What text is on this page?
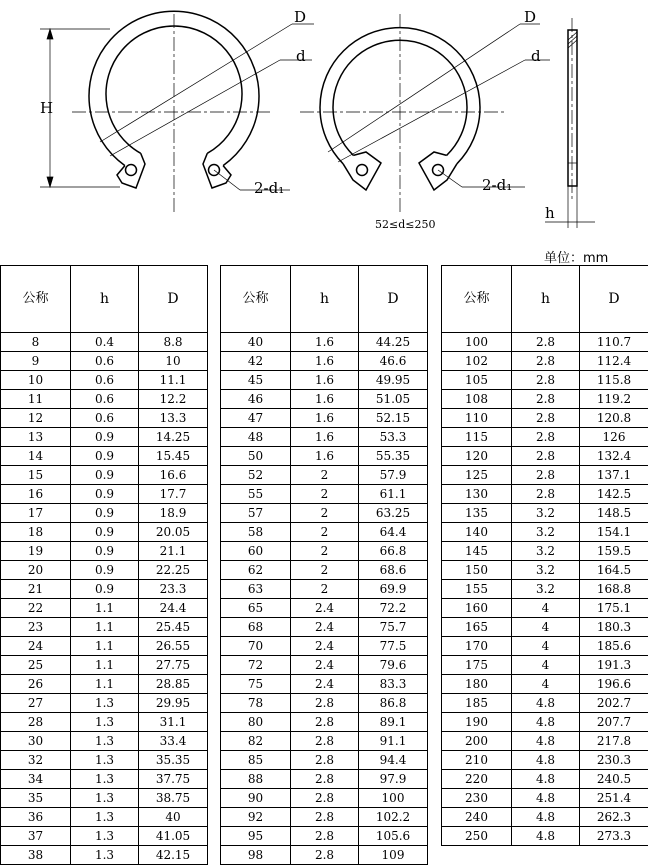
D
d
H
2-d₁
D
d
2-d₁
h
52≤d≤250
单位：mm
公称	h	D
8	0.4	8.8
9	0.6	10
10	0.6	11.1
11	0.6	12.2
12	0.6	13.3
13	0.9	14.25
14	0.9	15.45
15	0.9	16.6
16	0.9	17.7
17	0.9	18.9
18	0.9	20.05
19	0.9	21.1
20	0.9	22.25
21	0.9	23.3
22	1.1	24.4
23	1.1	25.45
24	1.1	26.55
25	1.1	27.75
26	1.1	28.85
27	1.3	29.95
28	1.3	31.1
30	1.3	33.4
32	1.3	35.35
34	1.3	37.75
35	1.3	38.75
36	1.3	40
37	1.3	41.05
38	1.3	42.15
公称	h	D
40	1.6	44.25
42	1.6	46.6
45	1.6	49.95
46	1.6	51.05
47	1.6	52.15
48	1.6	53.3
50	1.6	55.35
52	2	57.9
55	2	61.1
57	2	63.25
58	2	64.4
60	2	66.8
62	2	68.6
63	2	69.9
65	2.4	72.2
68	2.4	75.7
70	2.4	77.5
72	2.4	79.6
75	2.4	83.3
78	2.8	86.8
80	2.8	89.1
82	2.8	91.1
85	2.8	94.4
88	2.8	97.9
90	2.8	100
92	2.8	102.2
95	2.8	105.6
98	2.8	109
公称	h	D
100	2.8	110.7
102	2.8	112.4
105	2.8	115.8
108	2.8	119.2
110	2.8	120.8
115	2.8	126
120	2.8	132.4
125	2.8	137.1
130	2.8	142.5
135	3.2	148.5
140	3.2	154.1
145	3.2	159.5
150	3.2	164.5
155	3.2	168.8
160	4	175.1
165	4	180.3
170	4	185.6
175	4	191.3
180	4	196.6
185	4.8	202.7
190	4.8	207.7
200	4.8	217.8
210	4.8	230.3
220	4.8	240.5
230	4.8	251.4
240	4.8	262.3
250	4.8	273.3
